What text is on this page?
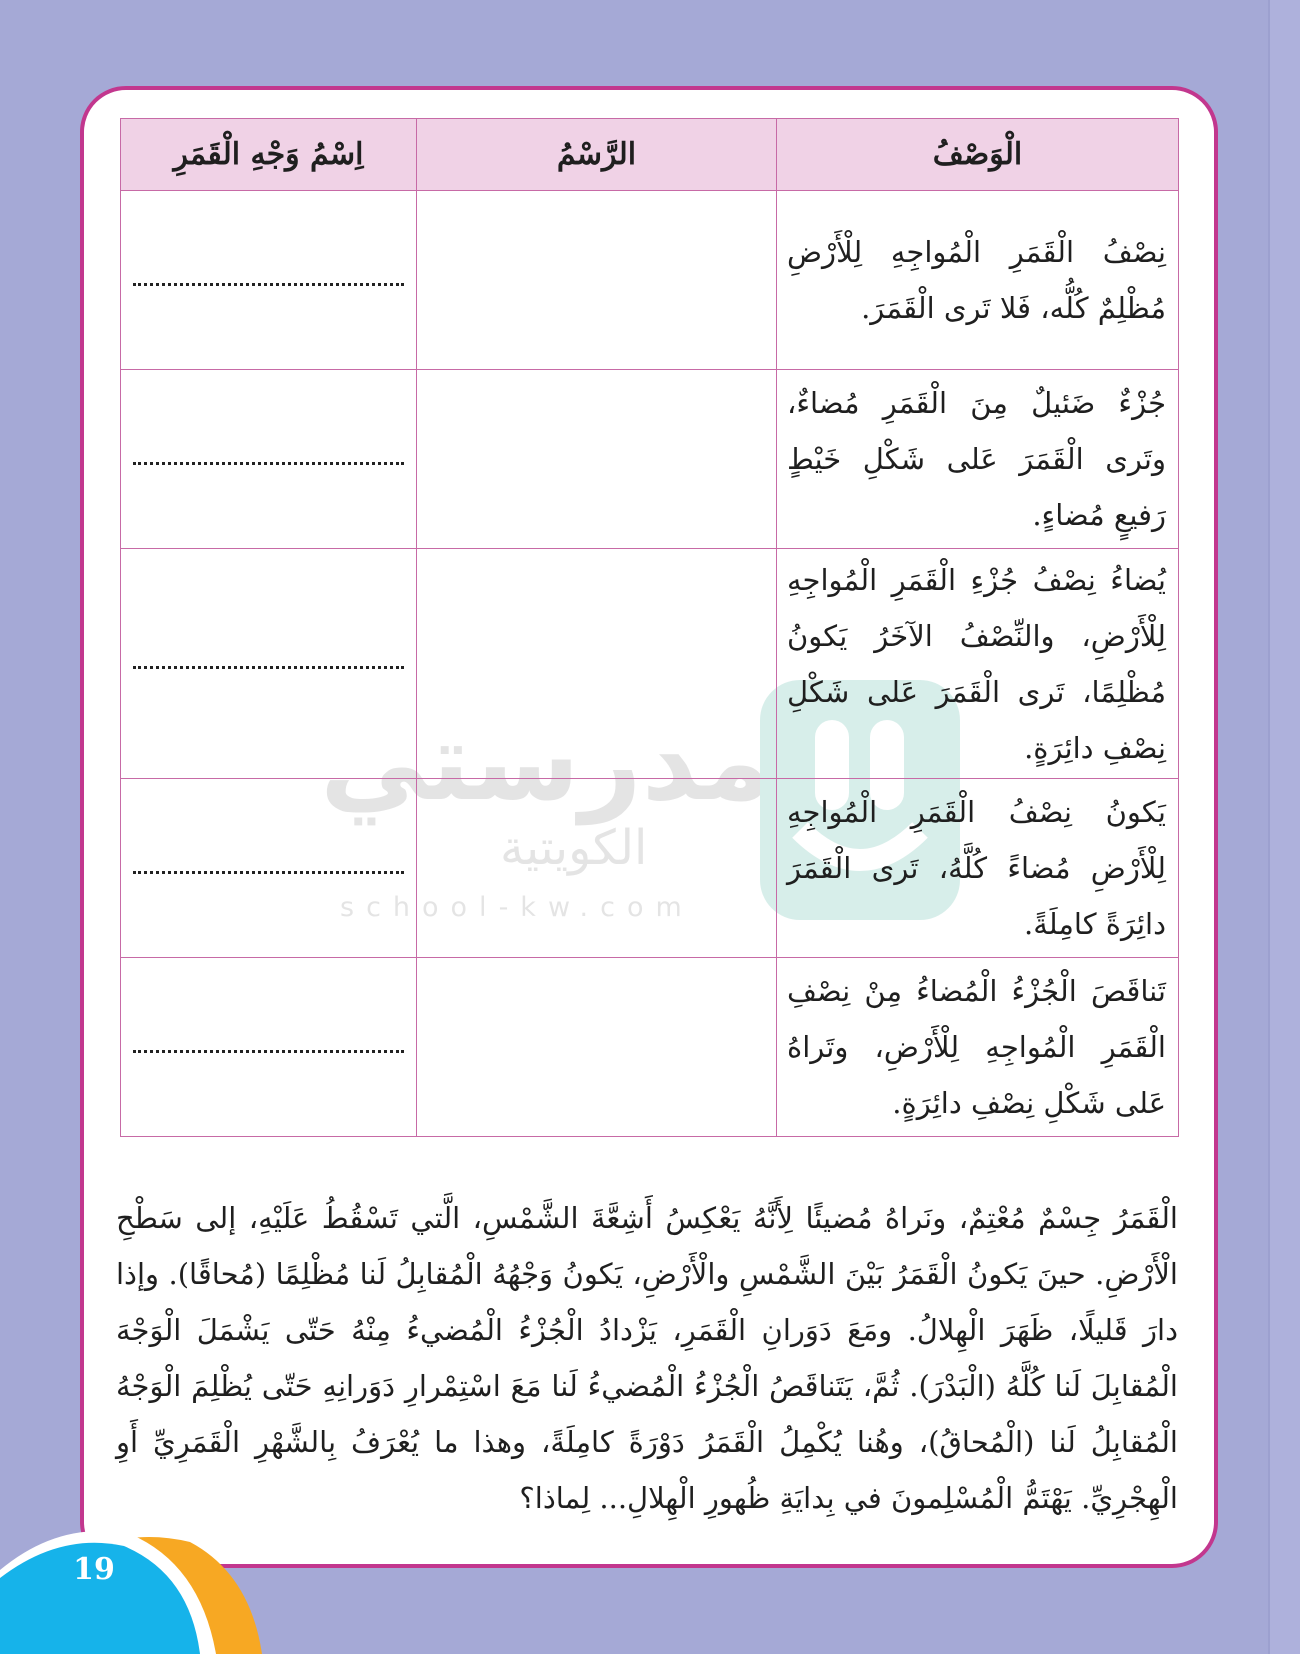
الْوَصْفُ	الرَّسْمُ	اِسْمُ وَجْهِ الْقَمَرِ
نِصْفُ الْقَمَرِ الْمُواجِهِ لِلْأَرْضِ مُظْلِمٌ كُلُّه، فَلا تَرى الْقَمَرَ.		

جُزْءٌ ضَئيلٌ مِنَ الْقَمَرِ مُضاءٌ، وتَرى الْقَمَرَ عَلى شَكْلِ خَيْطٍ رَفيعٍ مُضاءٍ.		

يُضاءُ نِصْفُ جُزْءِ الْقَمَرِ الْمُواجِهِ لِلْأَرْضِ، والنِّصْفُ الآخَرُ يَكونُ مُظْلِمًا، تَرى الْقَمَرَ عَلى شَكْلِ نِصْفِ دائِرَةٍ.		

يَكونُ نِصْفُ الْقَمَرِ الْمُواجِهِ لِلْأَرْضِ مُضاءً كُلَّهُ، تَرى الْقَمَرَ دائِرَةً كامِلَةً.		

تَناقَصَ الْجُزْءُ الْمُضاءُ مِنْ نِصْفِ الْقَمَرِ الْمُواجِهِ لِلْأَرْضِ، وتَراهُ عَلى شَكْلِ نِصْفِ دائِرَةٍ.		
الْقَمَرُ جِسْمٌ مُعْتِمٌ، ونَراهُ مُضيئًا لِأَنَّهُ يَعْكِسُ أَشِعَّةَ الشَّمْسِ، الَّتي تَسْقُطُ عَلَيْهِ، إلى سَطْحِ الْأَرْضِ. حينَ يَكونُ الْقَمَرُ بَيْنَ الشَّمْسِ والْأَرْضِ، يَكونُ وَجْهُهُ الْمُقابِلُ لَنا مُظْلِمًا (مُحاقًا). وإذا دارَ قَليلًا، ظَهَرَ الْهِلالُ. ومَعَ دَوَرانِ الْقَمَرِ، يَزْدادُ الْجُزْءُ الْمُضيءُ مِنْهُ حَتّى يَشْمَلَ الْوَجْهَ الْمُقابِلَ لَنا كُلَّهُ (الْبَدْرَ). ثُمَّ، يَتَناقَصُ الْجُزْءُ الْمُضيءُ لَنا مَعَ اسْتِمْرارِ دَوَرانِهِ حَتّى يُظْلِمَ الْوَجْهُ الْمُقابِلُ لَنا (الْمُحاقُ)، وهُنا يُكْمِلُ الْقَمَرُ دَوْرَةً كامِلَةً، وهذا ما يُعْرَفُ بِالشَّهْرِ الْقَمَرِيِّ أَوِ الْهِجْرِيِّ. يَهْتَمُّ الْمُسْلِمونَ في بِدايَةِ ظُهورِ الْهِلالِ... لِماذا؟
19
